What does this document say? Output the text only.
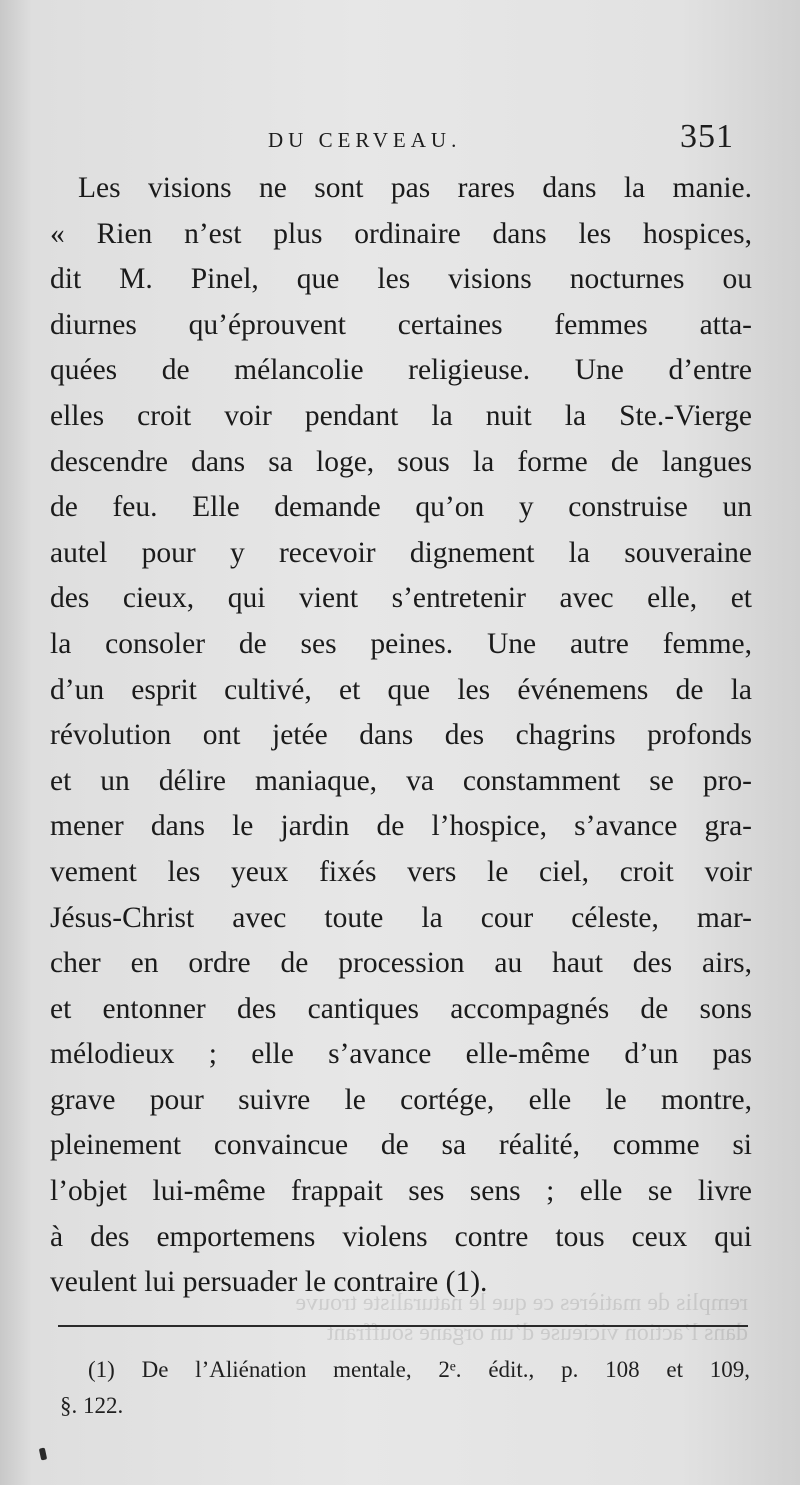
remplis de matières ce que le naturaliste trouve
dans l’action vicieuse d’un organe souffrant
DU CERVEAU.	351
Les visions ne sont pas rares dans la manie.
« Rien n’est plus ordinaire dans les hospices,
dit M. Pinel, que les visions nocturnes ou
diurnes qu’éprouvent certaines femmes atta-
quées de mélancolie religieuse. Une d’entre
elles croit voir pendant la nuit la Ste.-Vierge
descendre dans sa loge, sous la forme de langues
de feu. Elle demande qu’on y construise un
autel pour y recevoir dignement la souveraine
des cieux, qui vient s’entretenir avec elle, et
la consoler de ses peines. Une autre femme,
d’un esprit cultivé, et que les événemens de la
révolution ont jetée dans des chagrins profonds
et un délire maniaque, va constamment se pro-
mener dans le jardin de l’hospice, s’avance gra-
vement les yeux fixés vers le ciel, croit voir
Jésus-Christ avec toute la cour céleste, mar-
cher en ordre de procession au haut des airs,
et entonner des cantiques accompagnés de sons
mélodieux ; elle s’avance elle-même d’un pas
grave pour suivre le cortége, elle le montre,
pleinement convaincue de sa réalité, comme si
l’objet lui-même frappait ses sens ; elle se livre
à des emportemens violens contre tous ceux qui
veulent lui persuader le contraire (1).
(1) De l’Aliénation mentale, 2ᵉ. édit., p. 108 et 109,
§. 122.
